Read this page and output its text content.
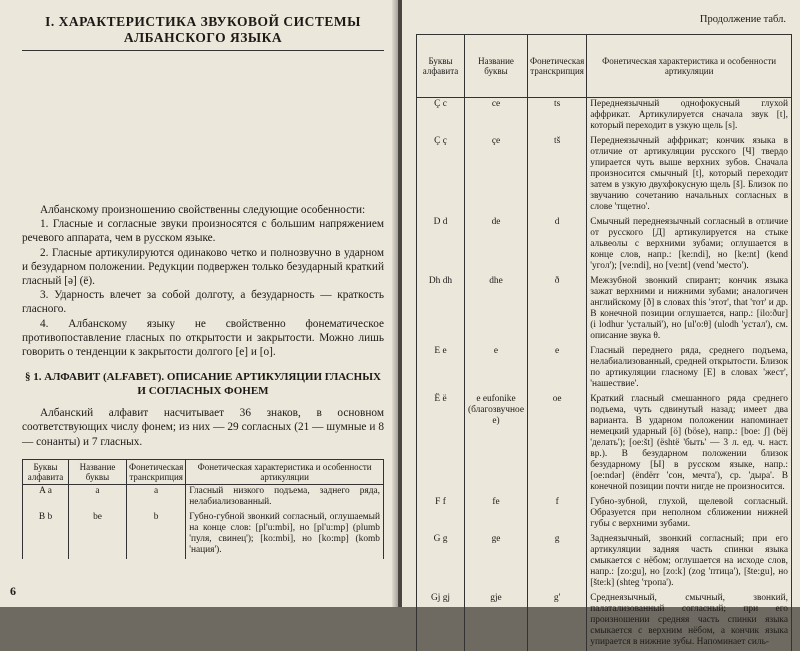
I. ХАРАКТЕРИСТИКА ЗВУКОВОЙ СИСТЕМЫ
АЛБАНСКОГО ЯЗЫКА

Албанскому произношению свойственны следующие особенности:

1. Гласные и согласные звуки произносятся с большим напряжением речевого аппарата, чем в русском языке.

2. Гласные артикулируются одинаково четко и полнозвучно в ударном и безударном положении. Редукции подвержен только безударный краткий гласный [ə] (ë).

3. Ударность влечет за собой долготу, а безударность — краткость гласного.

4. Албанскому языку не свойственно фонематическое противопоставление гласных по открытости и закрытости. Можно лишь говорить о тенденции к закрытости долгого [e] и [o].

§ 1. АЛФАВИТ (ALFABET). ОПИСАНИЕ АРТИКУЛЯЦИИ ГЛАСНЫХ И СОГЛАСНЫХ ФОНЕМ

Албанский алфавит насчитывает 36 знаков, в основном соответствующих числу фонем; из них — 29 согласных (21 — шумные и 8 — сонанты) и 7 гласных.

Буквы алфавита	Название буквы	Фонетическая транскрипция	Фонетическая характеристика и особенности артикуляции
A a	a	a	Гласный низкого подъема, заднего ряда, нелабиализованный.
B b	be	b	Губно-губной звонкий согласный, оглушаемый на конце слов: [pl'u:mbi], но [pl'u:mp] (plumb 'пуля, свинец'); [ko:mbi], но [ko:mp] (komb 'нация').
6
Продолжение табл.
Буквы алфавита	Название буквы	Фонетическая транскрипция	Фонетическая характеристика и особенности артикуляции
Ç c	ce	ts	Переднеязычный однофокусный глухой аффрикат. Артикулируется сначала звук [t], который переходит в узкую щель [s].
Ç ç	çe	tš	Переднеязычный аффрикат; кончик языка в отличие от артикуляции русского [Ч] твердо упирается чуть выше верхних зубов. Сначала произносится смычный [t], который переходит затем в узкую двухфокусную щель [š]. Близок по звучанию сочетанию начальных согласных в слове 'тщетно'.
D d	de	d	Смычный переднеязычный согласный в отличие от русского [Д] артикулируется на стыке альвеолы с верхними зубами; оглушается в конце слов, напр.: [ke:ndi], но [ke:nt] (kend 'угол'); [ve:ndi], но [ve:nt] (vend 'место').
Dh dh	dhe	ð	Межзубной звонкий спирант; кончик языка зажат верхними и нижними зубами; аналогичен английскому [ð] в словах this 'этот', that 'тот' и др. В конечной позиции оглушается, напр.: [ilo:ður] (i lodhur 'усталый'), но [ul'o:θ] (ulodh 'устал'), см. описание звука θ.
E e	e	e	Гласный переднего ряда, среднего подъема, нелабиализованный, средней открытости. Близок по артикуляции гласному [Е] в словах 'жест', 'нашествие'.
Ë ë	e eufonike (благозвучное e)	oe	Краткий гласный смешанного ряда среднего подъема, чуть сдвинутый назад; имеет два варианта. В ударном положении напоминает немецкий ударный [ö] (böse), напр.: [boe: ʃ] (bëj 'делать'); [oe:št] (është 'быть' — 3 л. ед. ч. наст. вр.). В безударном положении близок безударному [Ы] в русском языке, напр.: [oe:ndər] (ëndërr 'сон, мечта'), ср. 'дыра'. В конечной позиции почти нигде не произносится.
F f	fe	f	Губно-зубной, глухой, щелевой согласный. Образуется при неполном сближении нижней губы с верхними зубами.
G g	ge	g	Заднеязычный, звонкий согласный; при его артикуляции задняя часть спинки языка смыкается с нёбом; оглушается на исходе слов, напр.: [zo:gu], но [zo:k] (zog 'птица'), [šte:gu], но [šte:k] (shteg 'тропа').
Gj gj	gje	g'	Среднеязычный, смычный, звонкий, палатализованный согласный; при его произношении средняя часть спинки языка смыкается с верхним нёбом, а кончик языка упирается в нижние зубы. Напоминает силь-
